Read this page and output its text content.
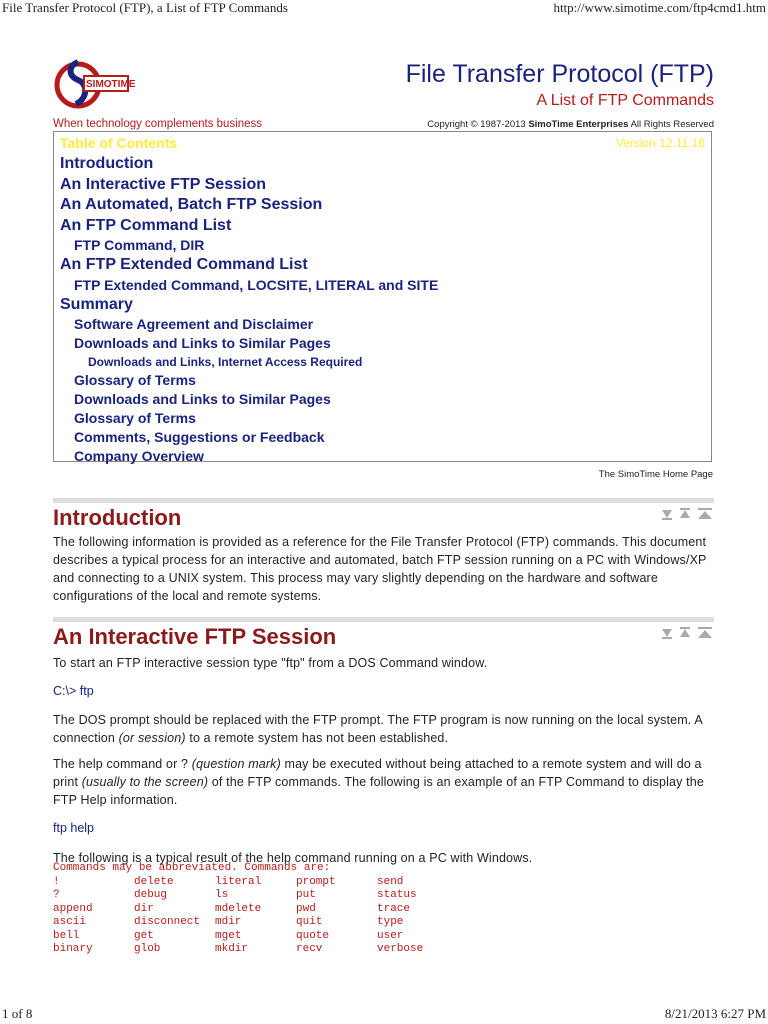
File Transfer Protocol (FTP), a List of FTP Commands	http://www.simotime.com/ftp4cmd1.htm
SIMOTIME	File Transfer Protocol (FTP)
A List of FTP Commands
When technology complements business	Copyright © 1987-2013 SimoTime Enterprises All Rights Reserved
Table of Contents	Version 12.11.16
Introduction
An Interactive FTP Session
An Automated, Batch FTP Session
An FTP Command List
FTP Command, DIR
An FTP Extended Command List
FTP Extended Command, LOCSITE, LITERAL and SITE
Summary
Software Agreement and Disclaimer
Downloads and Links to Similar Pages
Downloads and Links, Internet Access Required
Glossary of Terms
Downloads and Links to Similar Pages
Glossary of Terms
Comments, Suggestions or Feedback
Company Overview
The SimoTime Home Page
Introduction
The following information is provided as a reference for the File Transfer Protocol (FTP) commands. This document describes a typical process for an interactive and automated, batch FTP session running on a PC with Windows/XP and connecting to a UNIX system. This process may vary slightly depending on the hardware and software configurations of the local and remote systems.
An Interactive FTP Session
To start an FTP interactive session type "ftp" from a DOS Command window.
C:\> ftp
The DOS prompt should be replaced with the FTP prompt. The FTP program is now running on the local system. A connection (or session) to a remote system has not been established.
The help command or ? (question mark) may be executed without being attached to a remote system and will do a print (usually to the screen) of the FTP commands. The following is an example of an FTP Command to display the FTP Help information.
ftp help
The following is a typical result of the help command running on a PC with Windows.
Commands may be abbreviated. Commands are:
!	delete	literal	prompt	send
?	debug	ls	put	status
append	dir	mdelete	pwd	trace
ascii	disconnect	mdir	quit	type
bell	get	mget	quote	user
binary	glob	mkdir	recv	verbose
1 of 8	8/21/2013 6:27 PM
